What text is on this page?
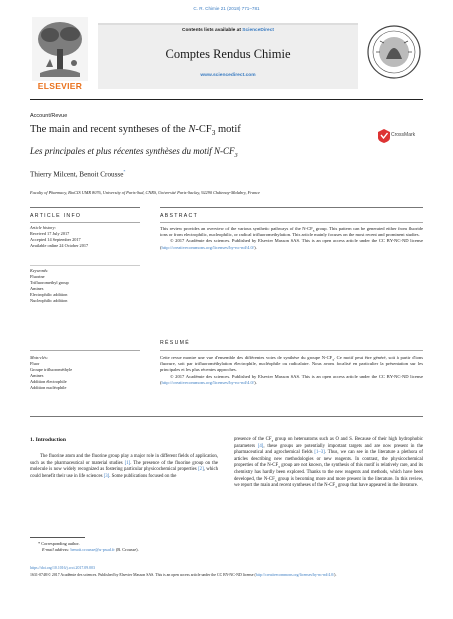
C. R. Chimie 21 (2018) 771–781
ELSEVIER
Contents lists available at ScienceDirect
Comptes Rendus Chimie
www.sciencedirect.com
Account/Revue
The main and recent syntheses of the $N-CF_3$ motif	CrossMark
Les principales et plus récentes synthèses du motif $N-CF_3$
Thierry Milcent, Benoit Crousse*
Faculty of Pharmacy, BioCIS UMR 8076, University of Paris-Sud, CNRS, Université Paris-Saclay, 92290 Châtenay-Malabry, France
ARTICLE INFO
Article history:
Received 17 July 2017
Accepted 14 September 2017
Available online 24 October 2017
Keywords:
Fluorine
Trifluoromethyl group
Amines
Electrophilic addition
Nucleophilic addition
ABSTRACT
This review provides an overview of the various synthetic pathways of the $N-CF_3$ group. This pattern can be generated either from fluoride ions or from electrophilic, nucleophilic, or radical trifluoromethylation. This article mainly focuses on the most recent and prominent studies.
© 2017 Académie des sciences. Published by Elsevier Masson SAS. This is an open access article under the CC BY-NC-ND license (http://creativecommons.org/licenses/by-nc-nd/4.0/).
RÉSUMÉ
Mots-clés:
Fluor
Groupe trifluorométhyle
Amines
Addition électrophile
Addition nucléophile
Cette revue montre une vue d'ensemble des différentes voies de synthèse du groupe $N-CF_3$. Ce motif peut être généré, soit à partir d'ions fluorure, soit par trifluorométhylation électrophile, nucléophile ou radicalaire. Nous avons focalisé en particulier la présentation sur les principales et les plus récentes approches.
© 2017 Académie des sciences. Published by Elsevier Masson SAS. This is an open access article under the CC BY-NC-ND license (http://creativecommons.org/licenses/by-nc-nd/4.0/).
1. Introduction
The fluorine atom and the fluorine group play a major role in different fields of application, such as the pharmaceutical or material studies [1]. The presence of the fluorine group on the molecule is now widely recognized as fostering particular physicochemical properties [2], which could benefit their use in life sciences [3]. Some publications focused on the
presence of the $CF_3$ group on heteroatoms such as O and S. Because of their high hydrophobic parameters [4], these groups are potentially important targets and are now present in the pharmaceutical and agrochemical fields [1–3]. Thus, we can see in the literature a plethora of articles describing new methodologies or new reagents. In contrast, the physicochemical properties of the $N-CF_3$ group are not known, the synthesis of this motif is relatively rare, and its chemistry has hardly been explored. Thanks to the new reagents and methods, which have been developed, the $N-CF_3$ group is becoming more and more present in the literature. In this review, we report the main and recent syntheses of the $N-CF_3$ group that have appeared in the literature.
* Corresponding author.
E-mail address: benoit.crousse@u-psud.fr (B. Crousse).
https://doi.org/10.1016/j.crci.2017.09.003
1631-0748/© 2017 Académie des sciences. Published by Elsevier Masson SAS. This is an open access article under the CC BY-NC-ND license (http://creativecommons.org/licenses/by-nc-nd/4.0/).
